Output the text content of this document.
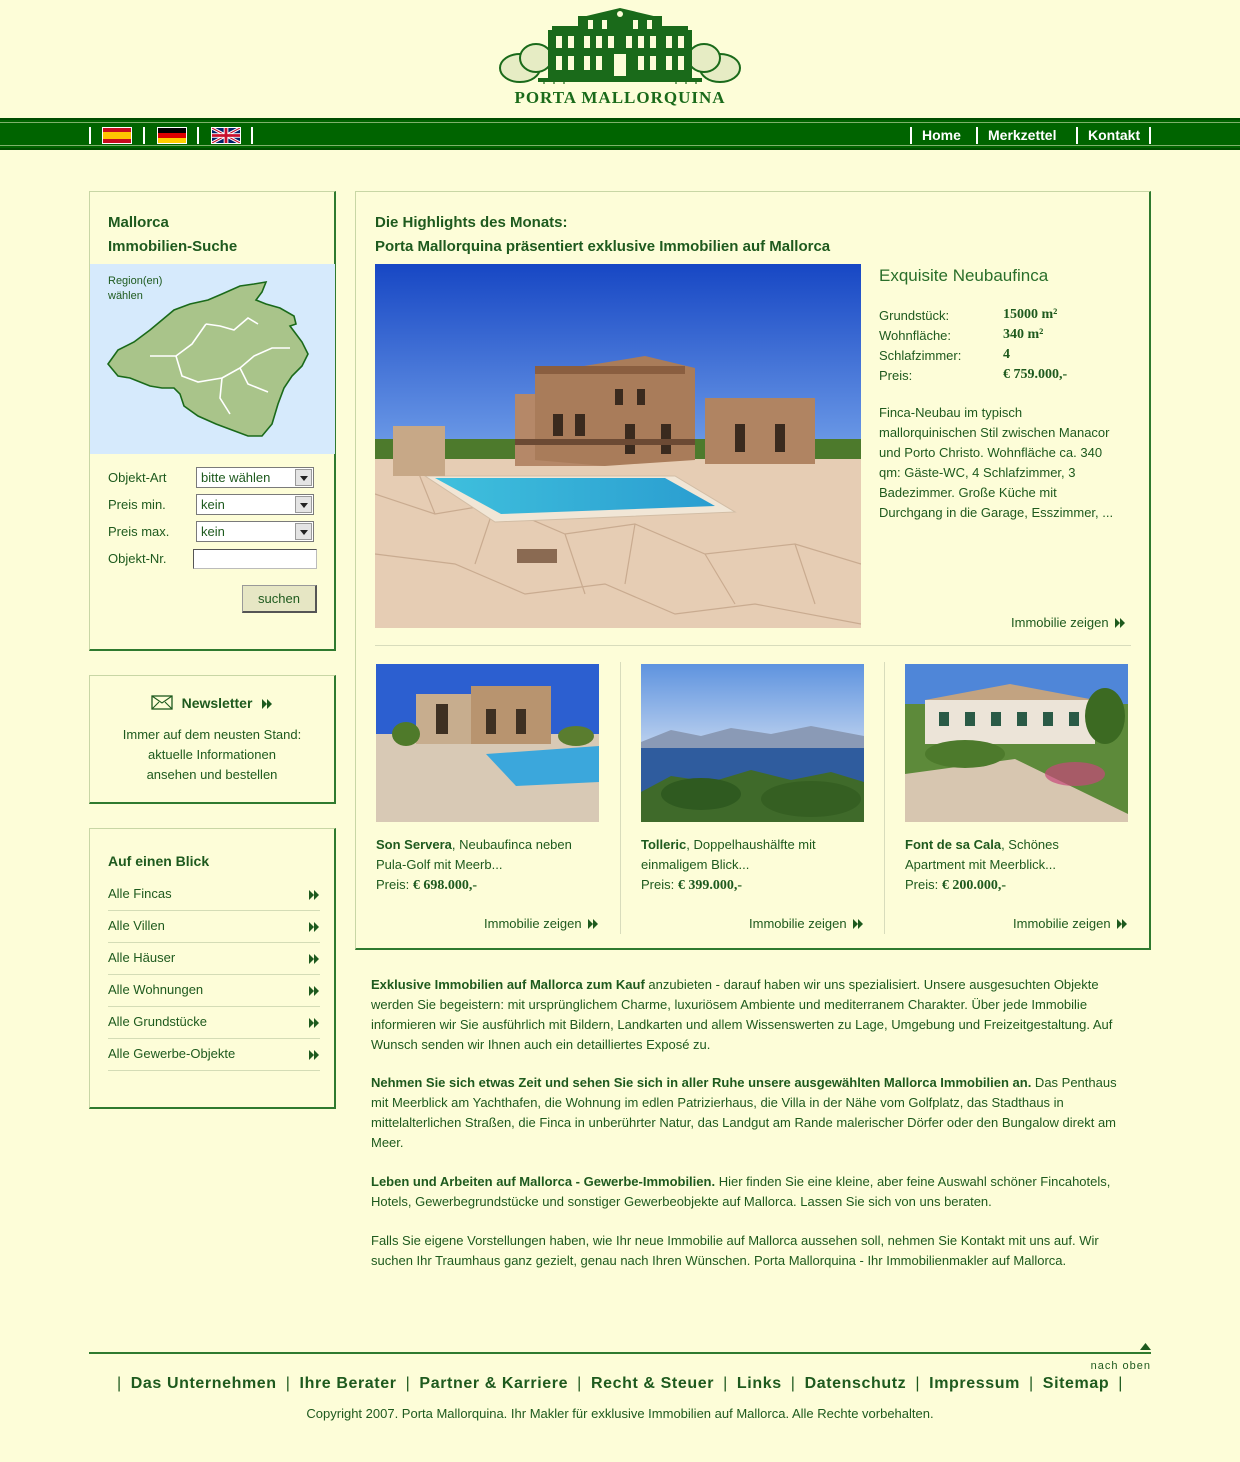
PORTA MALLORQUINA
Home Merkzettel Kontakt
Mallorca
Immobilien-Suche
Region(en)
wählen
Objekt-Art	bitte wählen
Preis min.	kein
Preis max.	kein
Objekt-Nr.
suchen
Newsletter
Immer auf dem neusten Stand:
aktuelle Informationen
ansehen und bestellen
Auf einen Blick
Alle Fincas
Alle Villen
Alle Häuser
Alle Wohnungen
Alle Grundstücke
Alle Gewerbe-Objekte
Die Highlights des Monats:
Porta Mallorquina präsentiert exklusive Immobilien auf Mallorca
Exquisite Neubaufinca
Grundstück:	15000 m²
Wohnfläche:	340 m²
Schlafzimmer:	4
Preis:	€ 759.000,-
Finca-Neubau im typisch
mallorquinischen Stil zwischen Manacor
und Porto Christo. Wohnfläche ca. 340
qm: Gäste-WC, 4 Schlafzimmer, 3
Badezimmer. Große Küche mit
Durchgang in die Garage, Esszimmer, ...
Immobilie zeigen
Son Servera, Neubaufinca neben
Pula-Golf mit Meerb...
Preis: € 698.000,-
Immobilie zeigen
Tolleric, Doppelhaushälfte mit
einmaligem Blick...
Preis: € 399.000,-
Immobilie zeigen
Font de sa Cala, Schönes
Apartment mit Meerblick...
Preis: € 200.000,-
Immobilie zeigen
Exklusive Immobilien auf Mallorca zum Kauf anzubieten - darauf haben wir uns spezialisiert. Unsere ausgesuchten Objekte werden Sie begeistern: mit ursprünglichem Charme, luxuriösem Ambiente und mediterranem Charakter. Über jede Immobilie informieren wir Sie ausführlich mit Bildern, Landkarten und allem Wissenswerten zu Lage, Umgebung und Freizeitgestaltung. Auf Wunsch senden wir Ihnen auch ein detailliertes Exposé zu.
Nehmen Sie sich etwas Zeit und sehen Sie sich in aller Ruhe unsere ausgewählten Mallorca Immobilien an. Das Penthaus mit Meerblick am Yachthafen, die Wohnung im edlen Patrizierhaus, die Villa in der Nähe vom Golfplatz, das Stadthaus in mittelalterlichen Straßen, die Finca in unberührter Natur, das Landgut am Rande malerischer Dörfer oder den Bungalow direkt am Meer.
Leben und Arbeiten auf Mallorca - Gewerbe-Immobilien. Hier finden Sie eine kleine, aber feine Auswahl schöner Fincahotels, Hotels, Gewerbegrundstücke und sonstiger Gewerbeobjekte auf Mallorca. Lassen Sie sich von uns beraten.
Falls Sie eigene Vorstellungen haben, wie Ihr neue Immobilie auf Mallorca aussehen soll, nehmen Sie Kontakt mit uns auf. Wir suchen Ihr Traumhaus ganz gezielt, genau nach Ihren Wünschen. Porta Mallorquina - Ihr Immobilienmakler auf Mallorca.
nach oben
| Das Unternehmen | Ihre Berater | Partner & Karriere | Recht & Steuer | Links | Datenschutz | Impressum | Sitemap |
Copyright 2007. Porta Mallorquina. Ihr Makler für exklusive Immobilien auf Mallorca. Alle Rechte vorbehalten.
